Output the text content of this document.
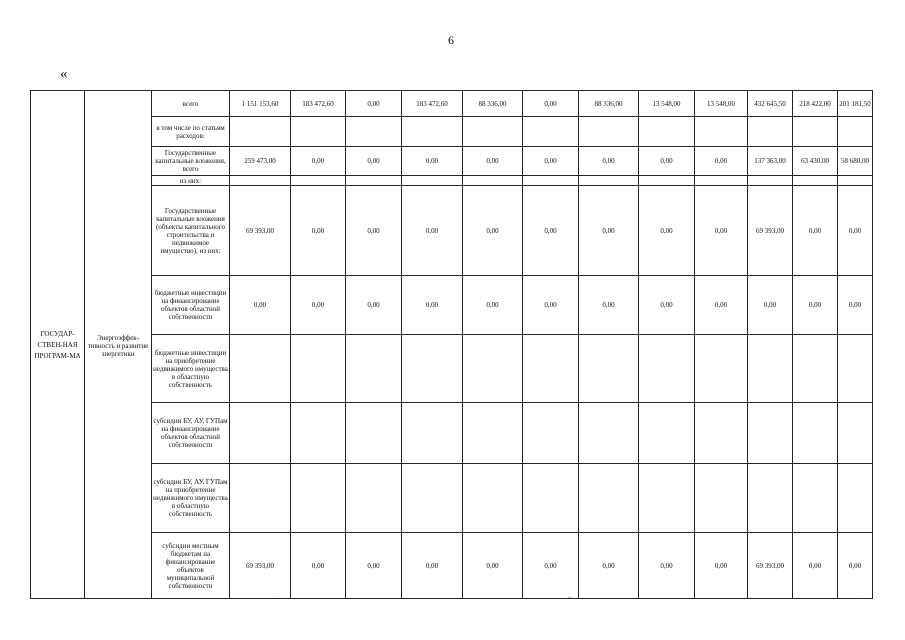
6
«
ГОСУДАР-СТВЕН-НАЯ ПРОГРАМ-МА	Энергоэффек-тивность и развитие энергетики	всего	1 151 153,60	183 472,60	0,00	183 472,60	88 336,00	0,00	88 336,00	13 548,00	13 548,00	432 645,50	218 422,00	201 181,50
		в том числе по статьям расходов:												
		Государственные капитальные вложения, всего	259 473,00	0,00	0,00	0,00	0,00	0,00	0,00	0,00	0,00	137 363,00	63 430,00	58 680,00
		из них:												
		Государственные капитальные вложения (объекты капитального строительства и недвижимое имущество), из них:	69 393,00	0,00	0,00	0,00	0,00	0,00	0,00	0,00	0,00	69 393,00	0,00	0,00
		бюджетные инвестиции на финансирование объектов областной собственности	0,00	0,00	0,00	0,00	0,00	0,00	0,00	0,00	0,00	0,00	0,00	0,00
		бюджетные инвестиции на приобретение недвижимого имущества в областную собственность												
		субсидии БУ, АУ, ГУПам на финансирование объектов областной собственности												
		субсидии БУ, АУ, ГУПам на приобретение недвижимого имущества в областную собственность												
		субсидии местным бюджетам на финансирование объектов муниципальной собственности	69 393,00	0,00	0,00	0,00	0,00	0,00	0,00	0,00	0,00	69 393,00	0,00	0,00
-	~	-
